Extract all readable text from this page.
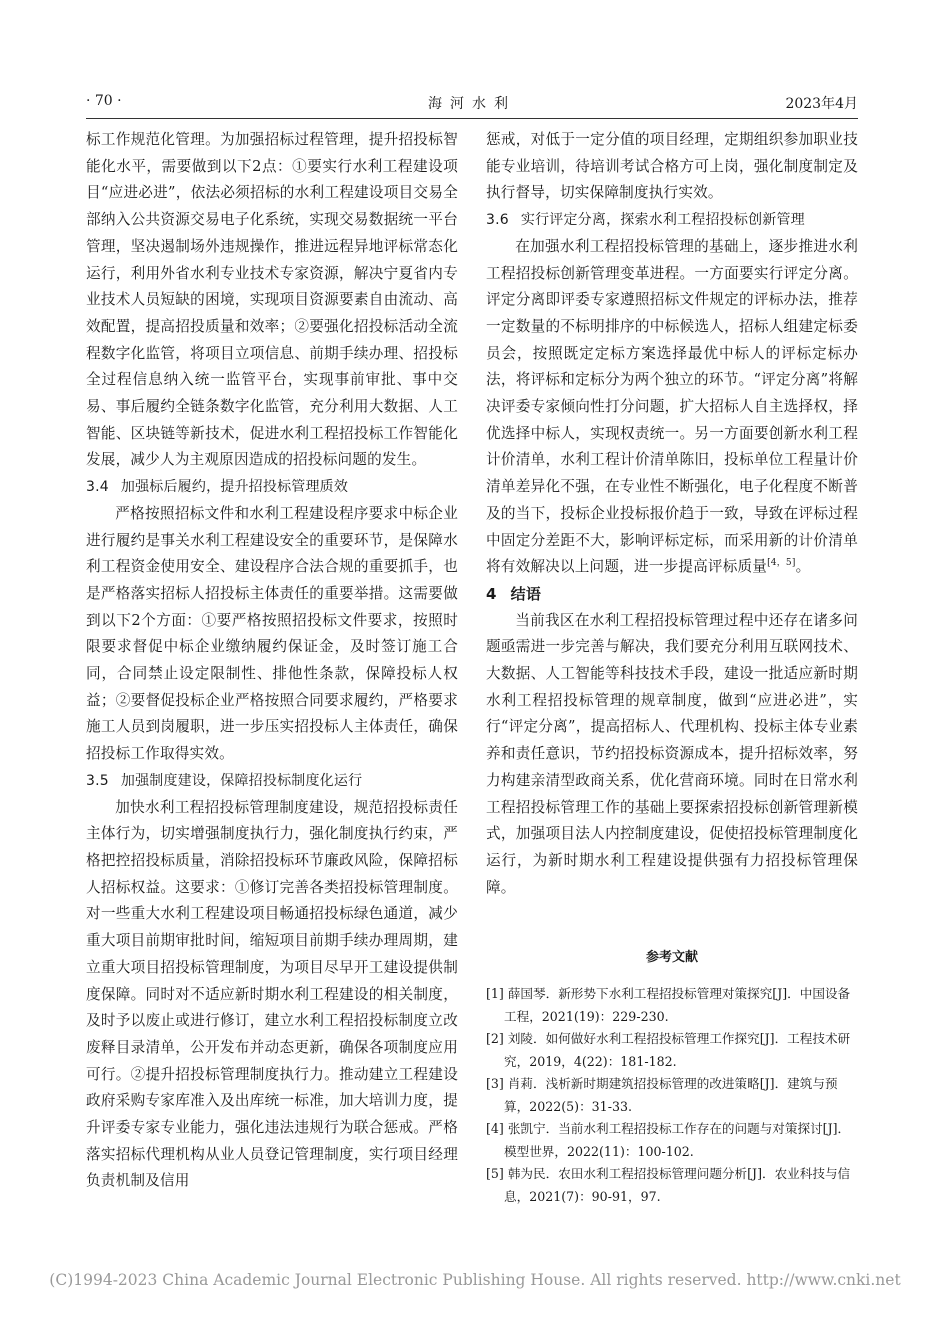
· 70 ·	海河水利	2023年4月

标工作规范化管理。为加强招标过程管理，提升招投标智能化水平，需要做到以下2点：①要实行水利工程建设项目“应进必进”，依法必须招标的水利工程建设项目交易全部纳入公共资源交易电子化系统，实现交易数据统一平台管理，坚决遏制场外违规操作，推进远程异地评标常态化运行，利用外省水利专业技术专家资源，解决宁夏省内专业技术人员短缺的困境，实现项目资源要素自由流动、高效配置，提高招投质量和效率；②要强化招投标活动全流程数字化监管，将项目立项信息、前期手续办理、招投标全过程信息纳入统一监管平台，实现事前审批、事中交易、事后履约全链条数字化监管，充分利用大数据、人工智能、区块链等新技术，促进水利工程招投标工作智能化发展，减少人为主观原因造成的招投标问题的发生。

3.4 加强标后履约，提升招投标管理质效

严格按照招标文件和水利工程建设程序要求中标企业进行履约是事关水利工程建设安全的重要环节，是保障水利工程资金使用安全、建设程序合法合规的重要抓手，也是严格落实招标人招投标主体责任的重要举措。这需要做到以下2个方面：①要严格按照招投标文件要求，按照时限要求督促中标企业缴纳履约保证金，及时签订施工合同，合同禁止设定限制性、排他性条款，保障投标人权益；②要督促投标企业严格按照合同要求履约，严格要求施工人员到岗履职，进一步压实招投标人主体责任，确保招投标工作取得实效。

3.5 加强制度建设，保障招投标制度化运行

加快水利工程招投标管理制度建设，规范招投标责任主体行为，切实增强制度执行力，强化制度执行约束，严格把控招投标质量，消除招投标环节廉政风险，保障招标人招标权益。这要求：①修订完善各类招投标管理制度。对一些重大水利工程建设项目畅通招投标绿色通道，减少重大项目前期审批时间，缩短项目前期手续办理周期，建立重大项目招投标管理制度，为项目尽早开工建设提供制度保障。同时对不适应新时期水利工程建设的相关制度，及时予以废止或进行修订，建立水利工程招投标制度立改废释目录清单，公开发布并动态更新，确保各项制度应用可行。②提升招投标管理制度执行力。推动建立工程建设政府采购专家库准入及出库统一标准，加大培训力度，提升评委专家专业能力，强化违法违规行为联合惩戒。严格落实招标代理机构从业人员登记管理制度，实行项目经理负责机制及信用

惩戒，对低于一定分值的项目经理，定期组织参加职业技能专业培训，待培训考试合格方可上岗，强化制度制定及执行督导，切实保障制度执行实效。

3.6 实行评定分离，探索水利工程招投标创新管理

在加强水利工程招投标管理的基础上，逐步推进水利工程招投标创新管理变革进程。一方面要实行评定分离。评定分离即评委专家遵照招标文件规定的评标办法，推荐一定数量的不标明排序的中标候选人，招标人组建定标委员会，按照既定定标方案选择最优中标人的评标定标办法，将评标和定标分为两个独立的环节。“评定分离”将解决评委专家倾向性打分问题，扩大招标人自主选择权，择优选择中标人，实现权责统一。另一方面要创新水利工程计价清单，水利工程计价清单陈旧，投标单位工程量计价清单差异化不强，在专业性不断强化，电子化程度不断普及的当下，投标企业投标报价趋于一致，导致在评标过程中固定分差距不大，影响评标定标，而采用新的计价清单将有效解决以上问题，进一步提高评标质量[4，5]。

4 结语

当前我区在水利工程招投标管理过程中还存在诸多问题亟需进一步完善与解决，我们要充分利用互联网技术、大数据、人工智能等科技技术手段，建设一批适应新时期水利工程招投标管理的规章制度，做到“应进必进”，实行“评定分离”，提高招标人、代理机构、投标主体专业素养和责任意识，节约招投标资源成本，提升招标效率，努力构建亲清型政商关系，优化营商环境。同时在日常水利工程招投标管理工作的基础上要探索招投标创新管理新模式，加强项目法人内控制度建设，促使招投标管理制度化运行，为新时期水利工程建设提供强有力招投标管理保障。

参考文献

[1] 薛国琴．新形势下水利工程招投标管理对策探究[J]．中国设备工程，2021(19)：229-230.

[2] 刘陵．如何做好水利工程招投标管理工作探究[J]．工程技术研究，2019，4(22)：181-182.

[3] 肖莉．浅析新时期建筑招投标管理的改进策略[J]．建筑与预算，2022(5)：31-33.

[4] 张凯宁．当前水利工程招投标工作存在的问题与对策探讨[J]．模型世界，2022(11)：100-102.

[5] 韩为民．农田水利工程招投标管理问题分析[J]．农业科技与信息，2021(7)：90-91，97.

(C)1994-2023 China Academic Journal Electronic Publishing House. All rights reserved. http://www.cnki.net
